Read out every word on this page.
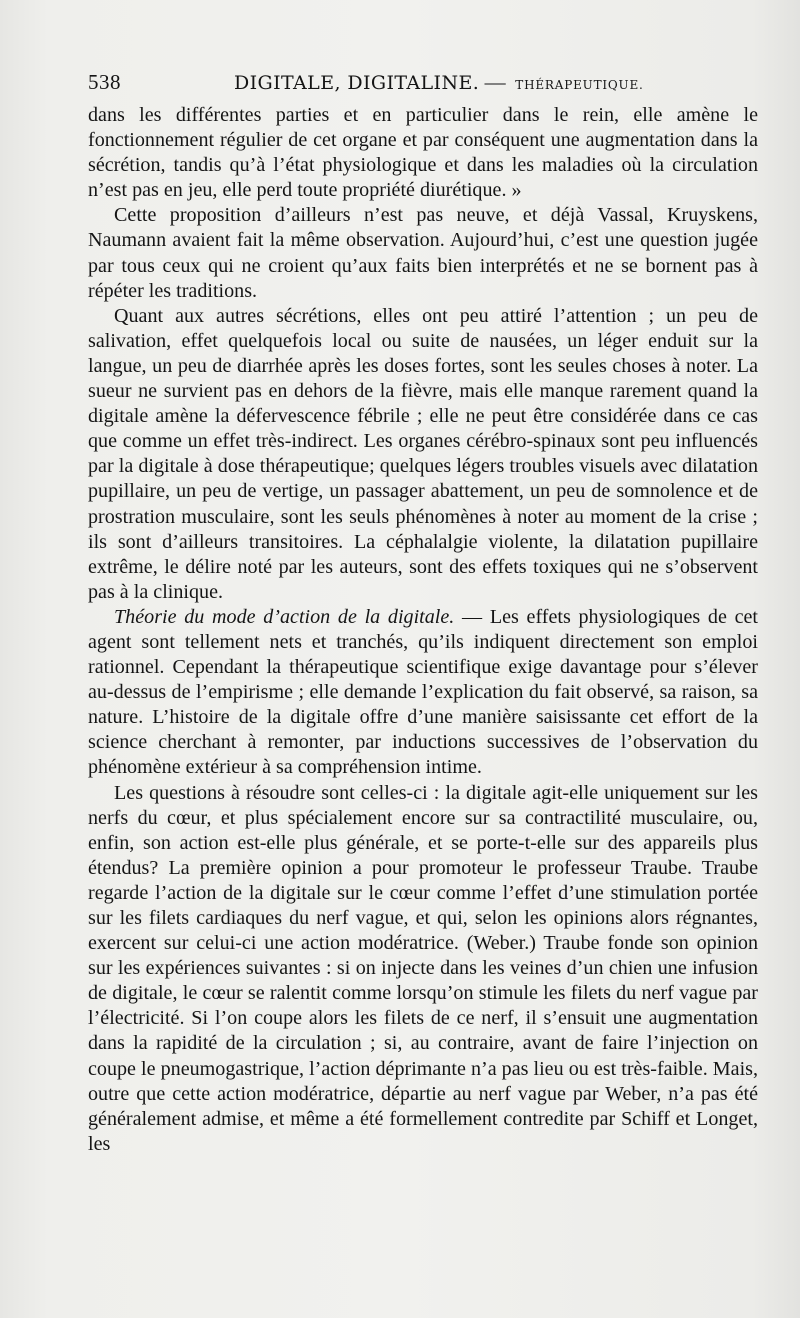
538	DIGITALE, DIGITALINE. — THÉRAPEUTIQUE.

dans les différentes parties et en particulier dans le rein, elle amène le fonctionnement régulier de cet organe et par conséquent une augmentation dans la sécrétion, tandis qu’à l’état physiologique et dans les maladies où la circulation n’est pas en jeu, elle perd toute propriété diurétique. »

Cette proposition d’ailleurs n’est pas neuve, et déjà Vassal, Kruyskens, Naumann avaient fait la même observation. Aujourd’hui, c’est une question jugée par tous ceux qui ne croient qu’aux faits bien interprétés et ne se bornent pas à répéter les traditions.

Quant aux autres sécrétions, elles ont peu attiré l’attention ; un peu de salivation, effet quelquefois local ou suite de nausées, un léger enduit sur la langue, un peu de diarrhée après les doses fortes, sont les seules choses à noter. La sueur ne survient pas en dehors de la fièvre, mais elle manque rarement quand la digitale amène la défervescence fébrile ; elle ne peut être considérée dans ce cas que comme un effet très-indirect. Les organes cérébro-spinaux sont peu influencés par la digitale à dose thérapeutique; quelques légers troubles visuels avec dilatation pupillaire, un peu de vertige, un passager abattement, un peu de somnolence et de prostration musculaire, sont les seuls phénomènes à noter au moment de la crise ; ils sont d’ailleurs transitoires. La céphalalgie violente, la dilatation pupillaire extrême, le délire noté par les auteurs, sont des effets toxiques qui ne s’observent pas à la clinique.

Théorie du mode d’action de la digitale. — Les effets physiologiques de cet agent sont tellement nets et tranchés, qu’ils indiquent directement son emploi rationnel. Cependant la thérapeutique scientifique exige davantage pour s’élever au-dessus de l’empirisme ; elle demande l’explication du fait observé, sa raison, sa nature. L’histoire de la digitale offre d’une manière saisissante cet effort de la science cherchant à remonter, par inductions successives de l’observation du phénomène extérieur à sa compréhension intime.

Les questions à résoudre sont celles-ci : la digitale agit-elle uniquement sur les nerfs du cœur, et plus spécialement encore sur sa contractilité musculaire, ou, enfin, son action est-elle plus générale, et se porte-t-elle sur des appareils plus étendus? La première opinion a pour promoteur le professeur Traube. Traube regarde l’action de la digitale sur le cœur comme l’effet d’une stimulation portée sur les filets cardiaques du nerf vague, et qui, selon les opinions alors régnantes, exercent sur celui-ci une action modératrice. (Weber.) Traube fonde son opinion sur les expériences suivantes : si on injecte dans les veines d’un chien une infusion de digitale, le cœur se ralentit comme lorsqu’on stimule les filets du nerf vague par l’électricité. Si l’on coupe alors les filets de ce nerf, il s’ensuit une augmentation dans la rapidité de la circulation ; si, au contraire, avant de faire l’injection on coupe le pneumogastrique, l’action déprimante n’a pas lieu ou est très-faible. Mais, outre que cette action modératrice, départie au nerf vague par Weber, n’a pas été généralement admise, et même a été formellement contredite par Schiff et Longet, les
